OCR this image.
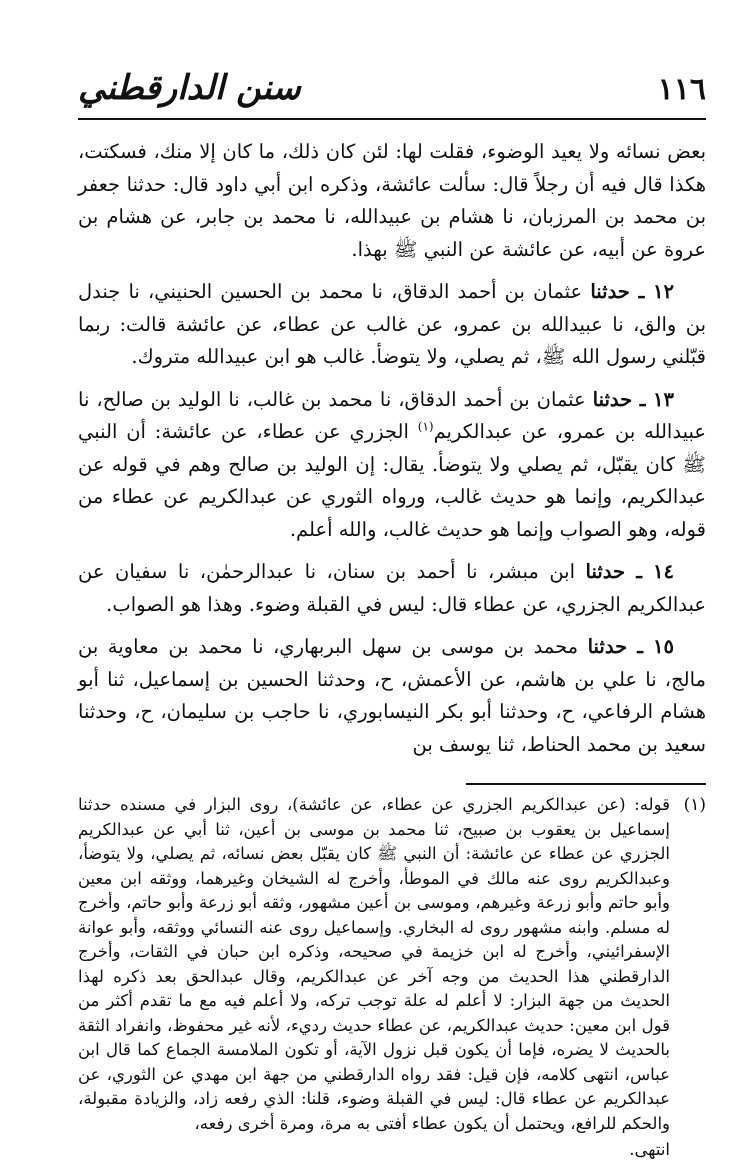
١١٦
سنن الدارقطني

بعض نسائه ولا يعيد الوضوء، فقلت لها: لئن كان ذلك، ما كان إلا منك، فسكتت، هكذا قال فيه أن رجلاً قال: سألت عائشة، وذكره ابن أبي داود قال: حدثنا جعفر بن محمد بن المرزبان، نا هشام بن عبيدالله، نا محمد بن جابر، عن هشام بن عروة عن أبيه، عن عائشة عن النبي ﷺ بهذا.

١٢ ـ حدثنا عثمان بن أحمد الدقاق، نا محمد بن الحسين الحنيني، نا جندل بن والق، نا عبيدالله بن عمرو، عن غالب عن عطاء، عن عائشة قالت: ربما قبّلني رسول الله ﷺ، ثم يصلي، ولا يتوضأ. غالب هو ابن عبيدالله متروك.

١٣ ـ حدثنا عثمان بن أحمد الدقاق، نا محمد بن غالب، نا الوليد بن صالح، نا عبيدالله بن عمرو، عن عبدالكريم$^{(١)}$ الجزري عن عطاء، عن عائشة: أن النبي ﷺ كان يقبّل، ثم يصلي ولا يتوضأ. يقال: إن الوليد بن صالح وهم في قوله عن عبدالكريم، وإنما هو حديث غالب، ورواه الثوري عن عبدالكريم عن عطاء من قوله، وهو الصواب وإنما هو حديث غالب، والله أعلم.

١٤ ـ حدثنا ابن مبشر، نا أحمد بن سنان، نا عبدالرحمٰن، نا سفيان عن عبدالكريم الجزري، عن عطاء قال: ليس في القبلة وضوء. وهذا هو الصواب.

١٥ ـ حدثنا محمد بن موسى بن سهل البربهاري، نا محمد بن معاوية بن مالج، نا علي بن هاشم، عن الأعمش، ح، وحدثنا الحسين بن إسماعيل، ثنا أبو هشام الرفاعي، ح، وحدثنا أبو بكر النيسابوري، نا حاجب بن سليمان، ح، وحدثنا سعيد بن محمد الحناط، ثنا يوسف بن

(١)
قوله: (عن عبدالكريم الجزري عن عطاء، عن عائشة)، روى البزار في مسنده حدثنا إسماعيل بن يعقوب بن صبيح، ثنا محمد بن موسى بن أعين، ثنا أبي عن عبدالكريم الجزري عن عطاء عن عائشة: أن النبي ﷺ كان يقبّل بعض نسائه، ثم يصلي، ولا يتوضأ، وعبدالكريم روى عنه مالك في الموطأ، وأخرج له الشيخان وغيرهما، ووثقه ابن معين وأبو حاتم وأبو زرعة وغيرهم، وموسى بن أعين مشهور، وثقه أبو زرعة وأبو حاتم، وأخرج له مسلم. وابنه مشهور روى له البخاري. وإسماعيل روى عنه النسائي ووثقه، وأبو عوانة الإسفرائيني، وأخرج له ابن خزيمة في صحيحه، وذكره ابن حبان في الثقات، وأخرج الدارقطني هذا الحديث من وجه آخر عن عبدالكريم، وقال عبدالحق بعد ذكره لهذا الحديث من جهة البزار: لا أعلم له علة توجب تركه، ولا أعلم فيه مع ما تقدم أكثر من قول ابن معين: حديث عبدالكريم، عن عطاء حديث رديء، لأنه غير محفوظ، وانفراد الثقة بالحديث لا يضره، فإما أن يكون قبل نزول الآية، أو تكون الملامسة الجماع كما قال ابن عباس، انتهى كلامه، فإن قيل: فقد رواه الدارقطني من جهة ابن مهدي عن الثوري، عن عبدالكريم عن عطاء قال: ليس في القبلة وضوء، قلنا: الذي رفعه زاد، والزيادة مقبولة، والحكم للرافع، ويحتمل أن يكون عطاء أفتى به مرة، ومرة أخرى رفعه،
انتهى.
